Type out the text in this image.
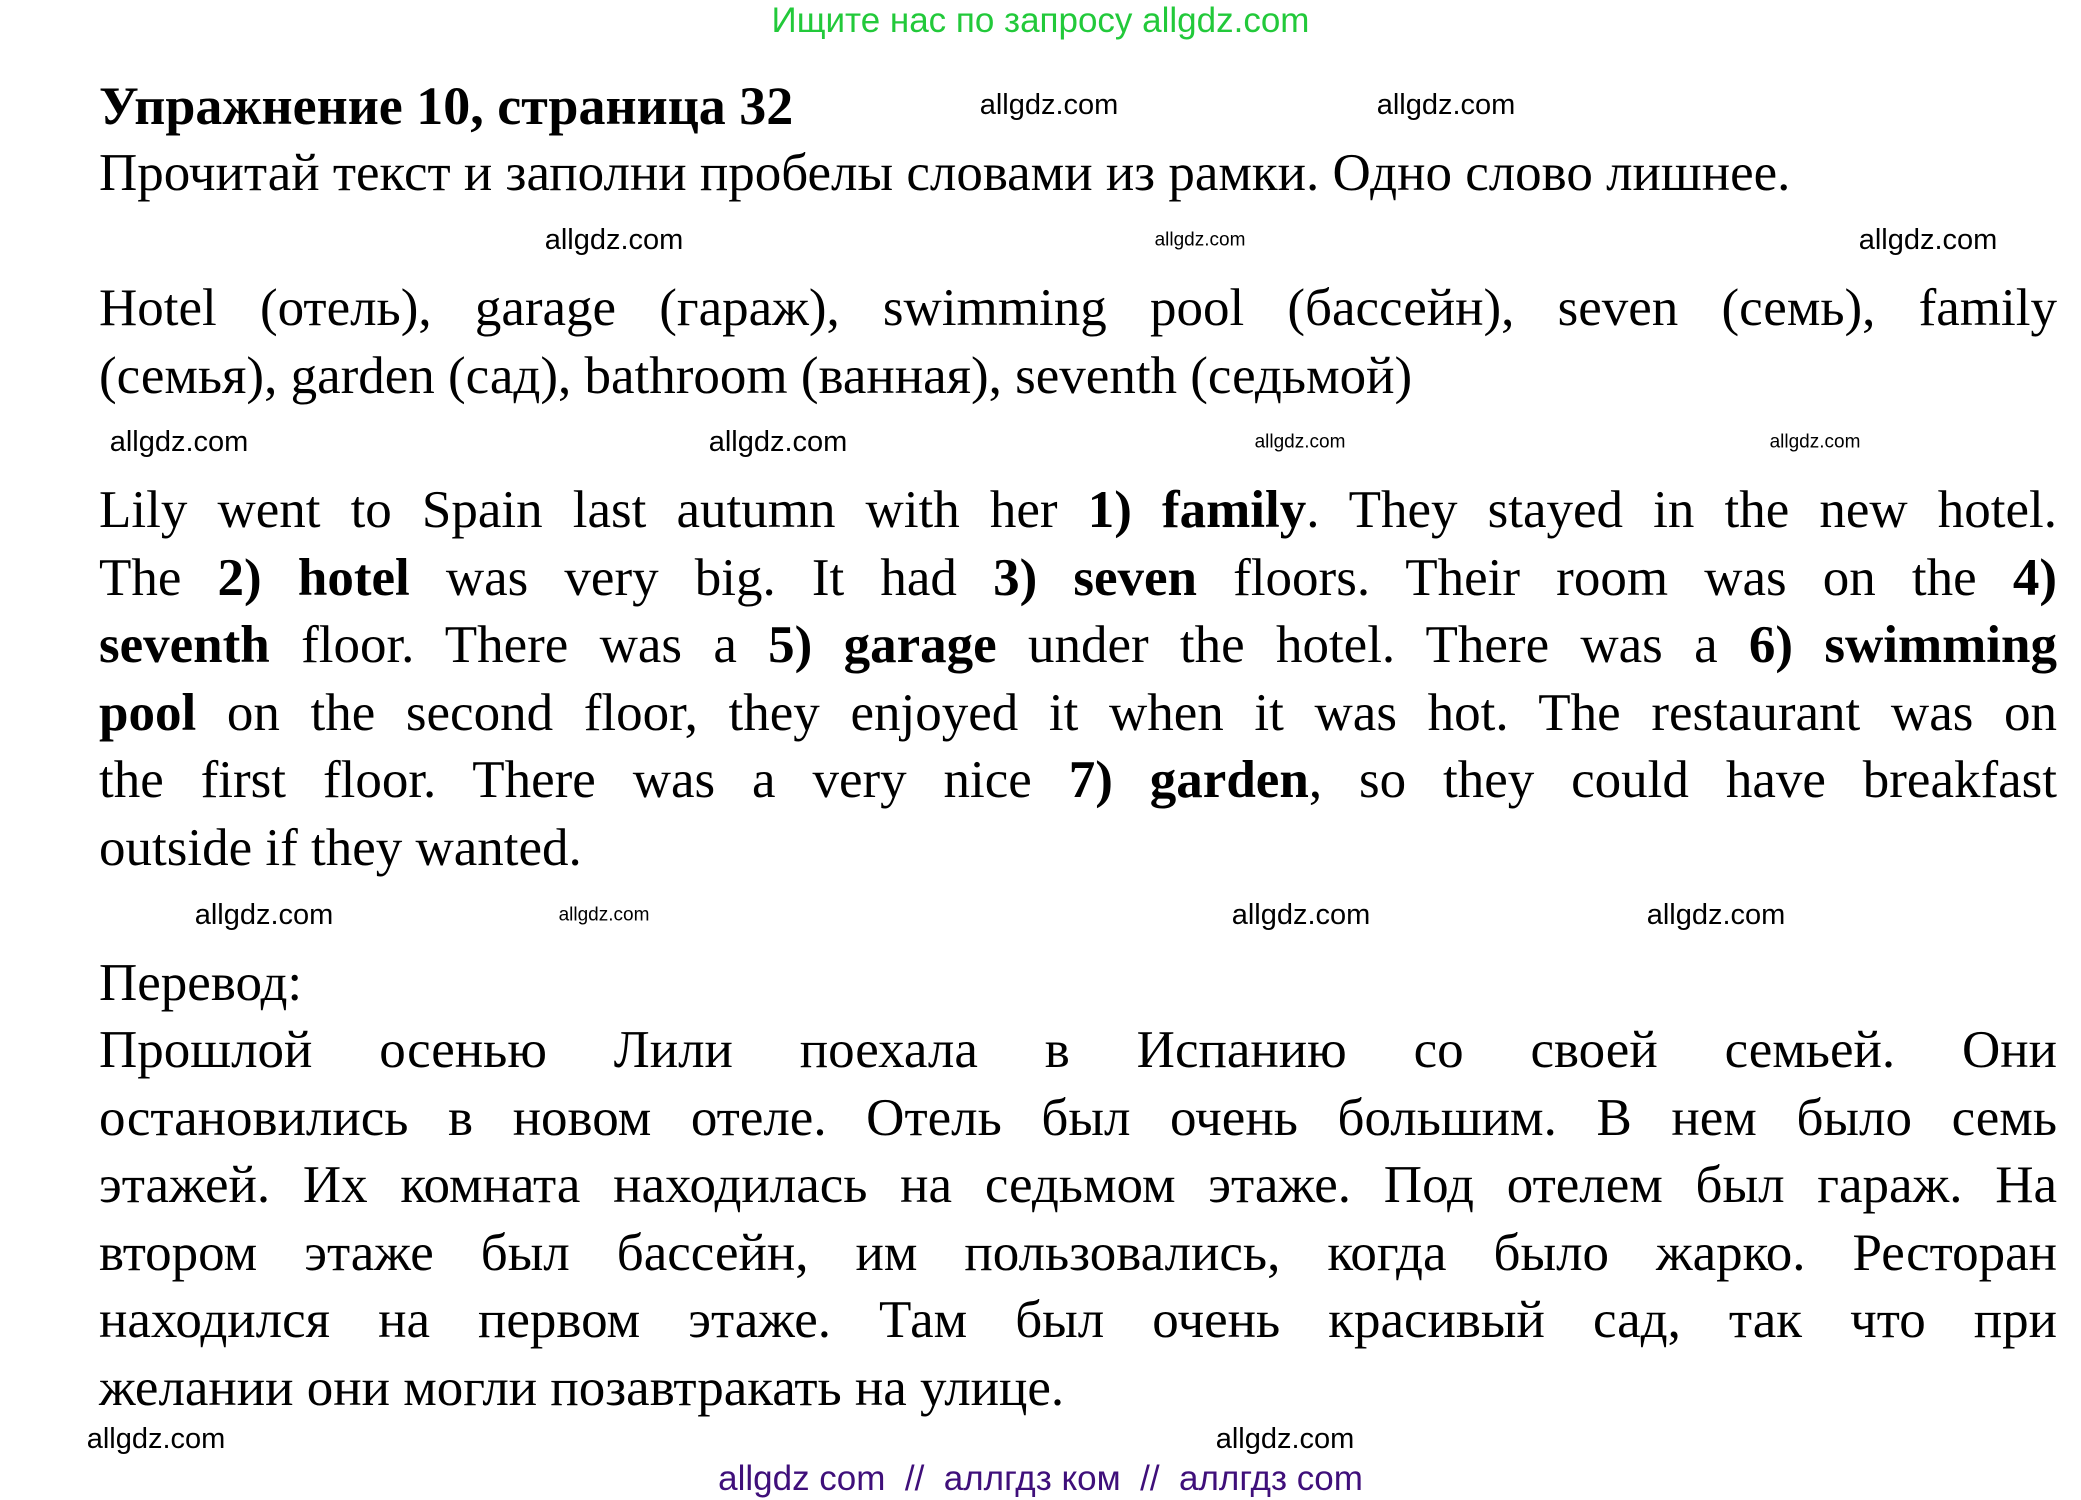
Ищите нас по запросу allgdz.com
Упражнение 10, страница 32
Прочитай текст и заполни пробелы словами из рамки. Одно слово лишнее.
Hotel (отель), garage (гараж), swimming pool (бассейн), seven (семь), family
(семья), garden (сад), bathroom (ванная), seventh (седьмой)
Lily went to Spain last autumn with her 1) family. They stayed in the new hotel.
The 2) hotel was very big. It had 3) seven floors. Their room was on the 4)
seventh floor. There was a 5) garage under the hotel. There was a 6) swimming
pool on the second floor, they enjoyed it when it was hot. The restaurant was on
the first floor. There was a very nice 7) garden, so they could have breakfast
outside if they wanted.
Перевод:
Прошлой осенью Лили поехала в Испанию со своей семьей. Они
остановились в новом отеле. Отель был очень большим. В нем было семь
этажей. Их комната находилась на седьмом этаже. Под отелем был гараж. На
втором этаже был бассейн, им пользовались, когда было жарко. Ресторан
находился на первом этаже. Там был очень красивый сад, так что при
желании они могли позавтракать на улице.
allgdz.com
allgdz.com
allgdz.com	allgdz.com
allgdz.com
allgdz.com	allgdz.com	allgdz.com	allgdz.com
allgdz.com	allgdz.com	allgdz.com	allgdz.com
allgdz.com	allgdz.com
allgdz com  //  аллгдз ком  //  аллгдз com
